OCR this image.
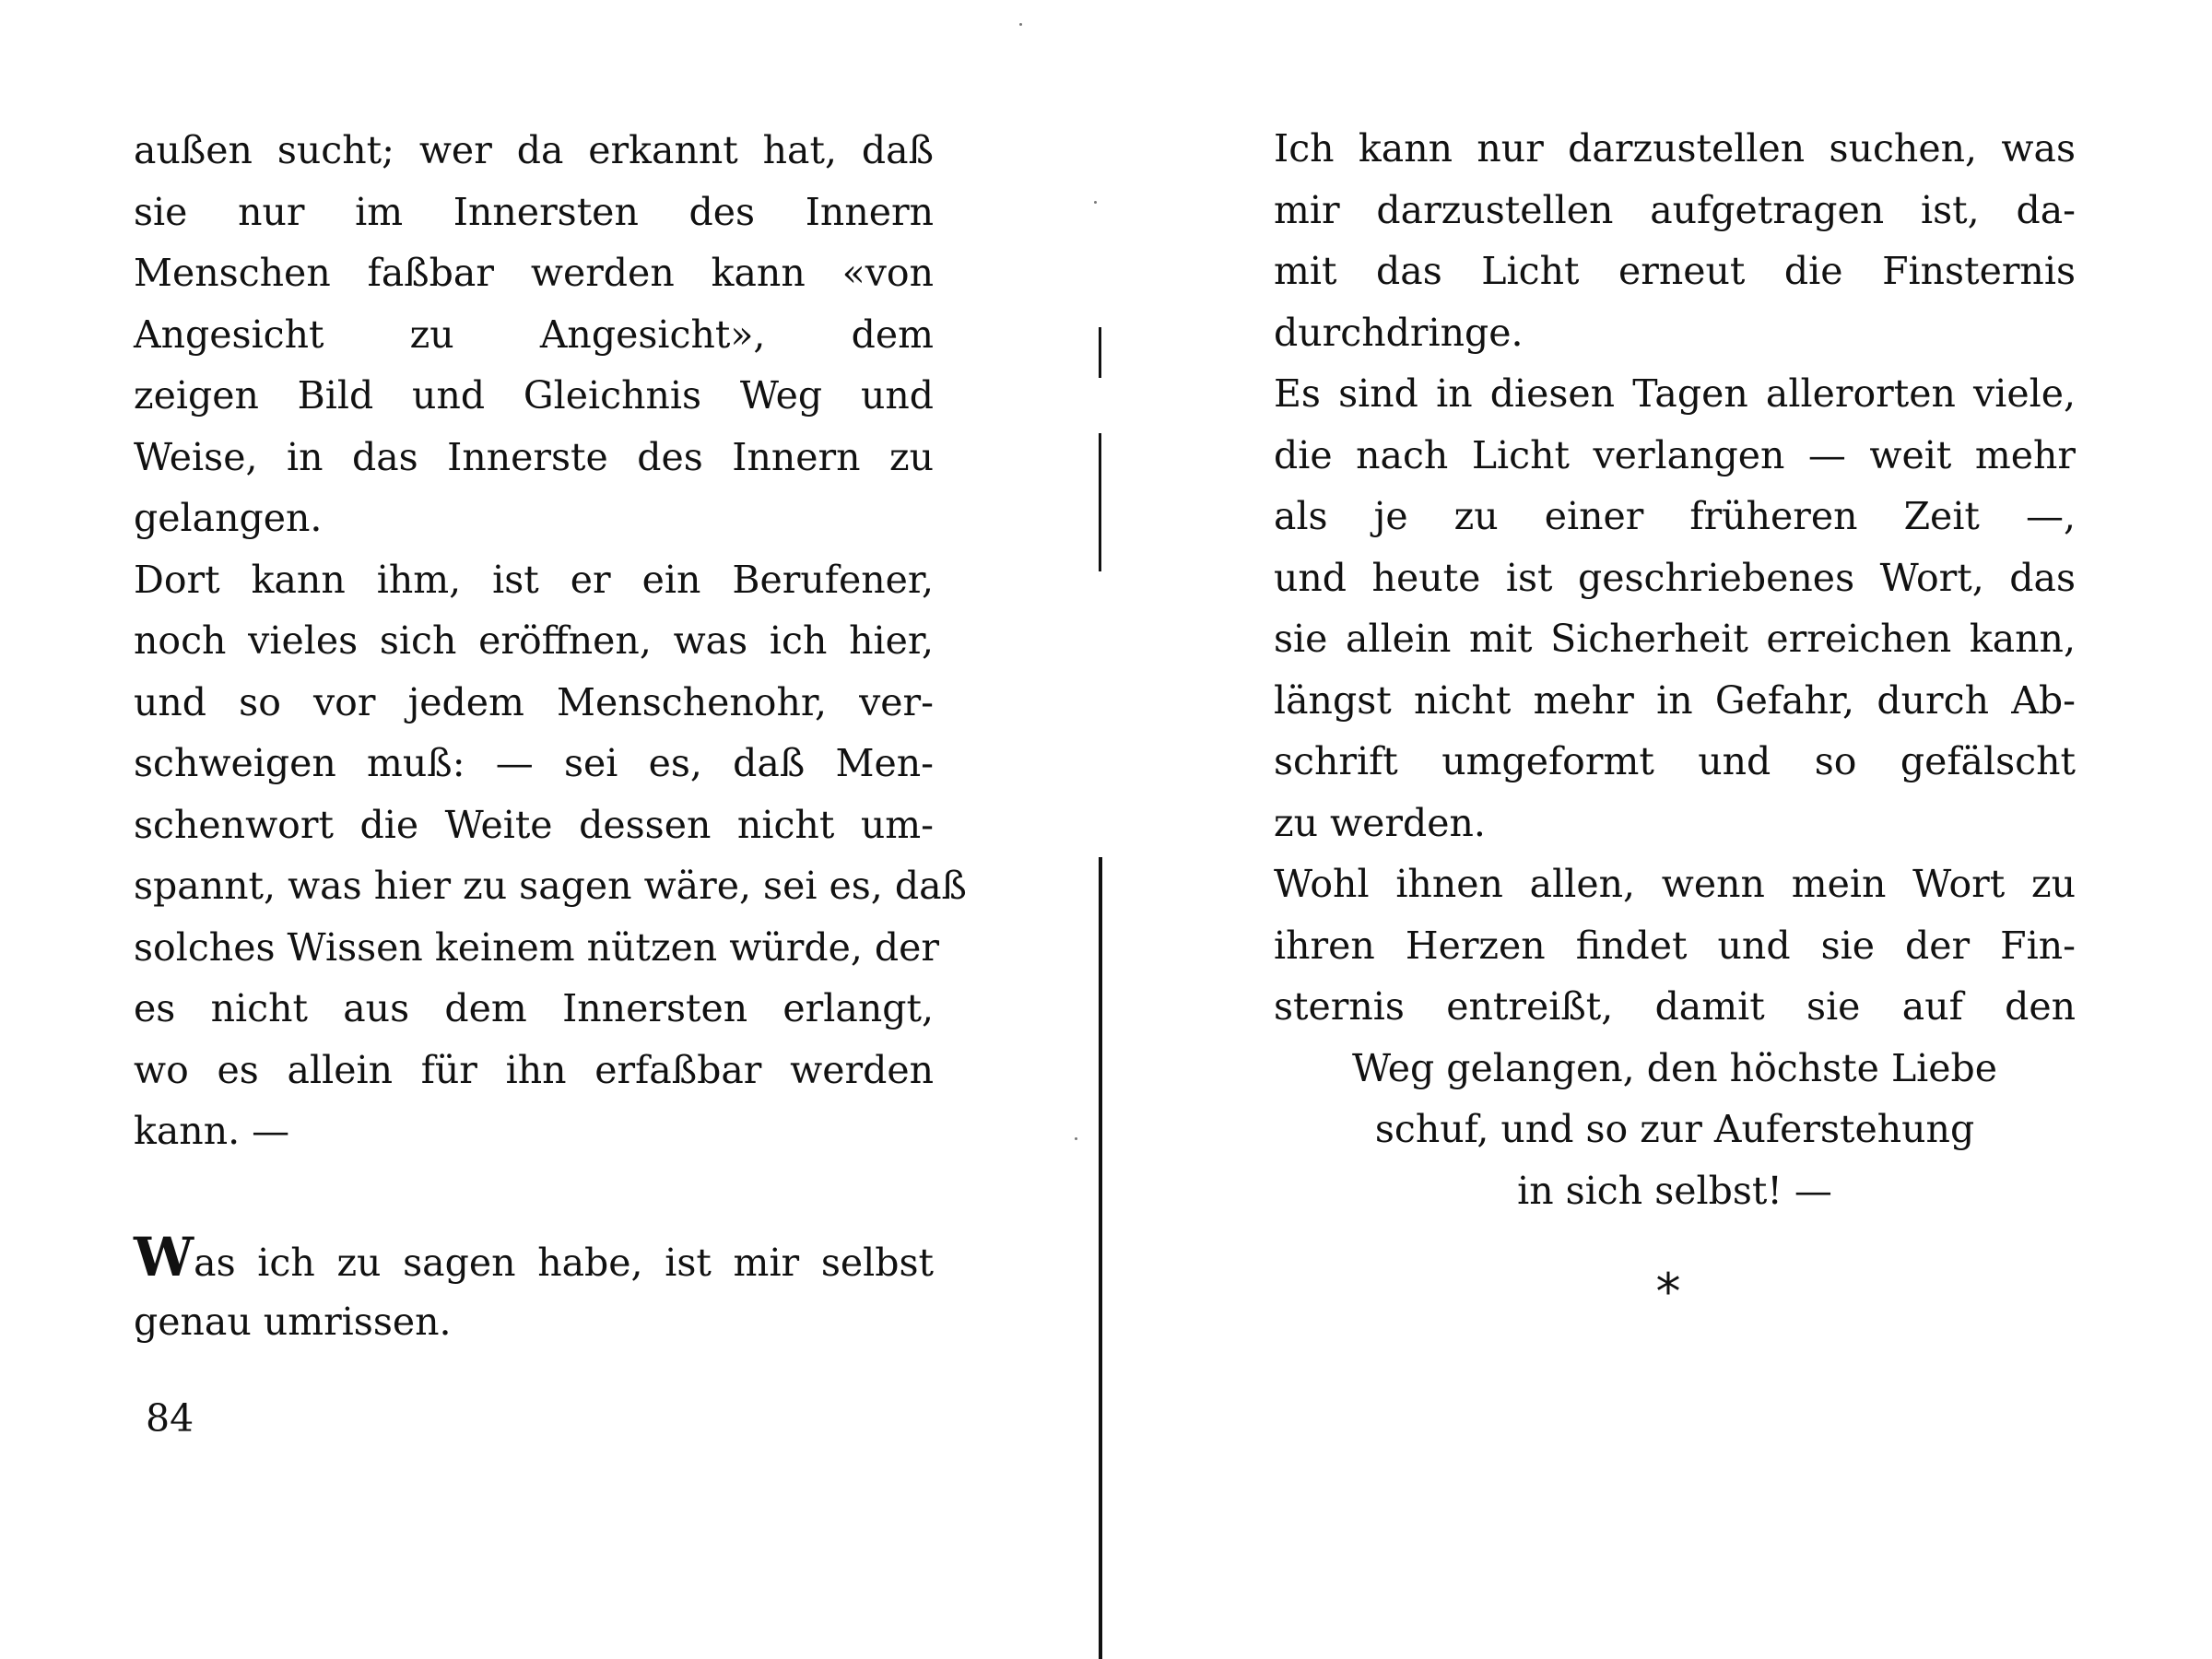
außen sucht; wer da erkannt hat, daß
sie nur im Innersten des Innern
Menschen faßbar werden kann «von
Angesicht zu Angesicht», dem
zeigen Bild und Gleichnis Weg und
Weise, in das Innerste des Innern zu
gelangen.
Dort kann ihm, ist er ein Berufener,
noch vieles sich eröffnen, was ich hier,
und so vor jedem Menschenohr, ver-
schweigen muß: — sei es, daß Men-
schenwort die Weite dessen nicht um-
spannt, was hier zu sagen wäre, sei es, daß
solches Wissen keinem nützen würde, der
es nicht aus dem Innersten erlangt,
wo es allein für ihn erfaßbar werden
kann. —
Was ich zu sagen habe, ist mir selbst
genau umrissen.
84
Ich kann nur darzustellen suchen, was
mir darzustellen aufgetragen ist, da-
mit das Licht erneut die Finsternis
durchdringe.
Es sind in diesen Tagen allerorten viele,
die nach Licht verlangen — weit mehr
als je zu einer früheren Zeit —,
und heute ist geschriebenes Wort, das
sie allein mit Sicherheit erreichen kann,
längst nicht mehr in Gefahr, durch Ab-
schrift umgeformt und so gefälscht
zu werden.
Wohl ihnen allen, wenn mein Wort zu
ihren Herzen findet und sie der Fin-
sternis entreißt, damit sie auf den
Weg gelangen, den höchste Liebe
schuf, und so zur Auferstehung
in sich selbst! —
*
